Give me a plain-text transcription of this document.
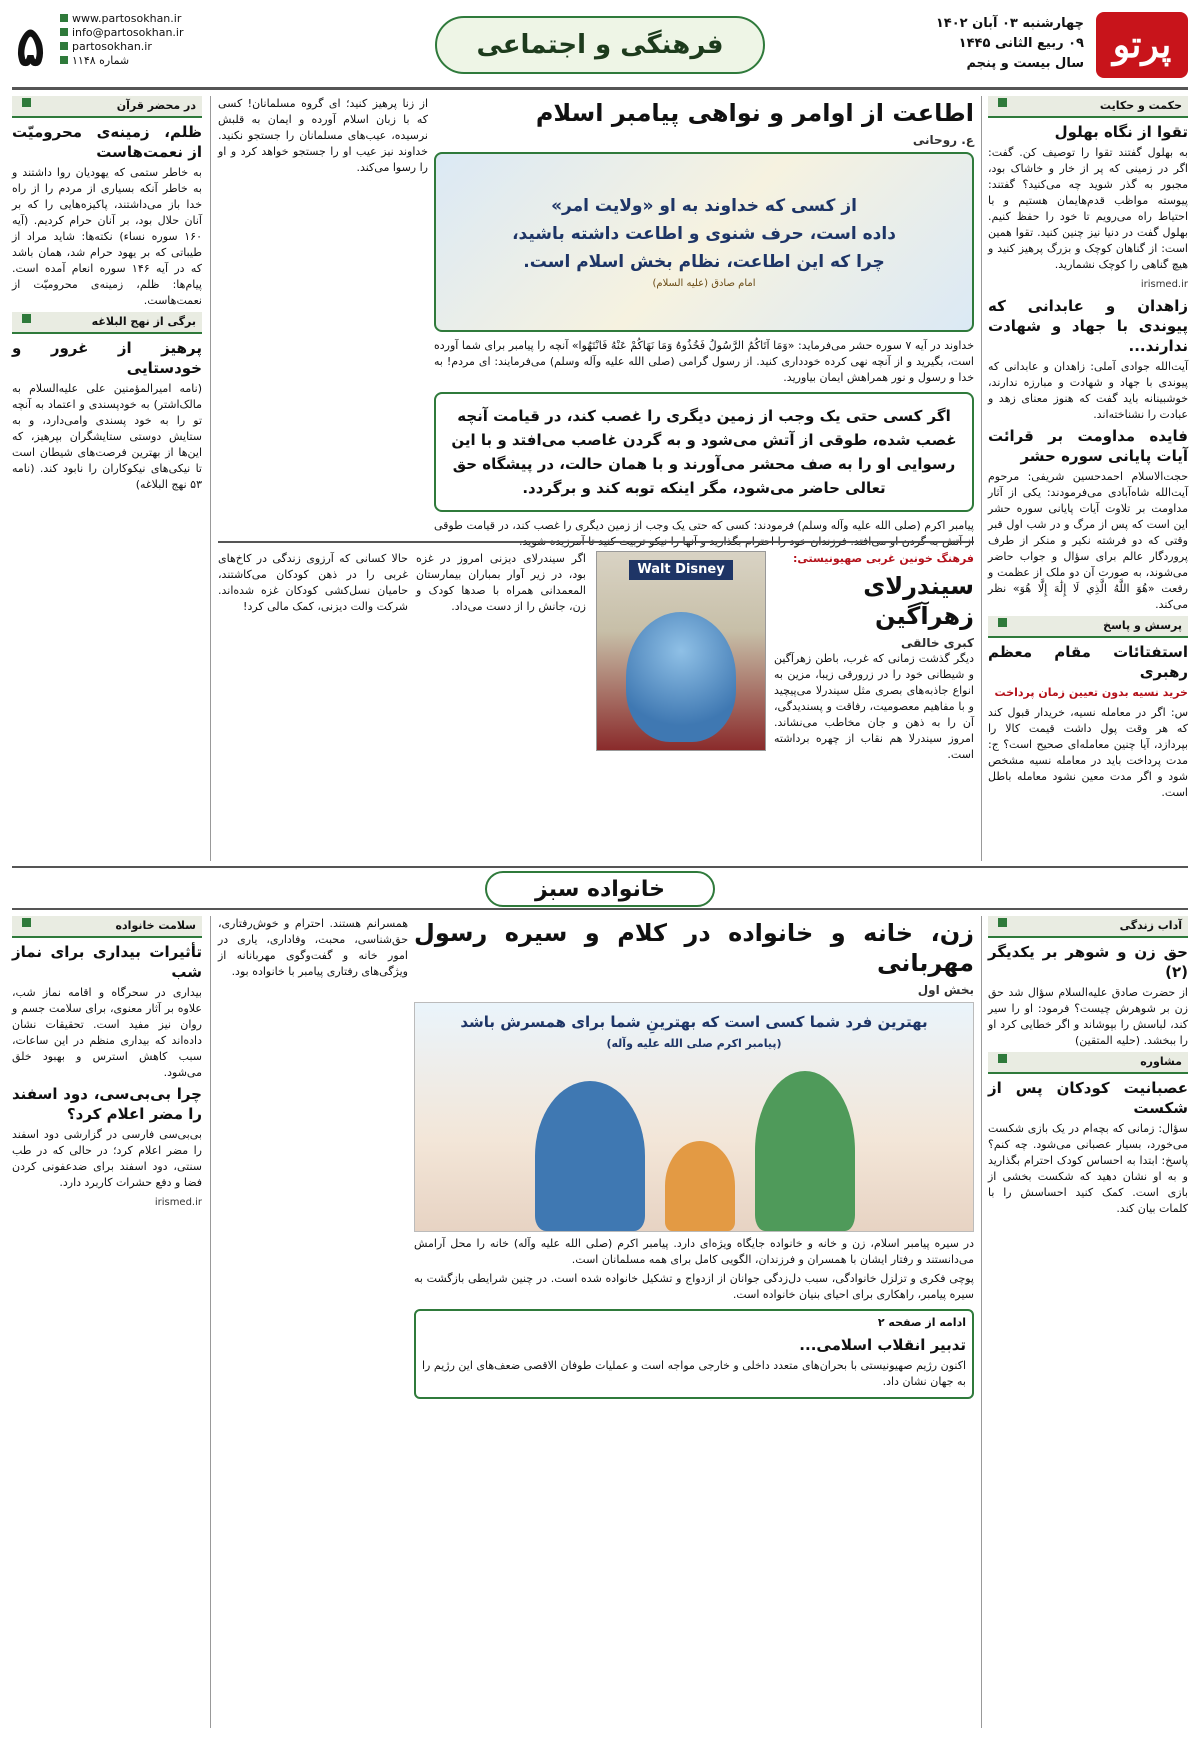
پرتو
چهارشنبه ۰۳ آبان ۱۴۰۲
۰۹ ربیع الثانی ۱۴۴۵
سال بیست و پنجم
فرهنگی و اجتماعی
www.partosokhan.ir
info@partosokhan.ir
partosokhan.ir
شماره ۱۱۴۸
۵
حکمت و حکایت
تقوا از نگاه بهلول

به بهلول گفتند تقوا را توصیف کن. گفت: اگر در زمینی که پر از خار و خاشاک بود، مجبور به گذر شوید چه می‌کنید؟ گفتند: پیوسته مواظب قدم‌هایمان هستیم و با احتیاط راه می‌رویم تا خود را حفظ کنیم. بهلول گفت در دنیا نیز چنین کنید. تقوا همین است: از گناهان کوچک و بزرگ پرهیز کنید و هیچ گناهی را کوچک نشمارید.

irismed.ir
زاهدان و عابدانی که پیوندی با جهاد و شهادت ندارند...

آیت‌الله جوادی آملی: زاهدان و عابدانی که پیوندی با جهاد و شهادت و مبارزه ندارند، خوشبینانه باید گفت که هنوز معنای زهد و عبادت را نشناخته‌اند.

فایده مداومت بر قرائت آیات پایانی سوره حشر

حجت‌الاسلام احمدحسین شریفی: مرحوم آیت‌الله شاه‌آبادی می‌فرمودند: یکی از آثار مداومت بر تلاوت آیات پایانی سوره حشر این است که پس از مرگ و در شب اول قبر وقتی که دو فرشته نکیر و منکر از طرف پروردگار عالم برای سؤال و جواب حاضر می‌شوند، به صورت آن دو ملک از عظمت و رفعت «هُوَ اللَّهُ الَّذِي لَا إِلَٰهَ إِلَّا هُوَ» نظر می‌کند.

پرسش و پاسخ
استفتائات مقام معظم رهبری
خرید نسیه بدون تعیین زمان پرداخت

س: اگر در معامله نسیه، خریدار قبول کند که هر وقت پول داشت قیمت کالا را بپردازد، آیا چنین معامله‌ای صحیح است؟ ج: مدت پرداخت باید در معامله نسیه مشخص شود و اگر مدت معین نشود معامله باطل است.

اطاعت از اوامر و نواهی پیامبر اسلام
ع. روحانی
از کسی که خداوند به او «ولایت امر»
داده است، حرف شنوی و اطاعت داشته باشید،
چرا که این اطاعت، نظام بخش اسلام است.
امام صادق (علیه السلام)

خداوند در آیه ۷ سوره حشر می‌فرماید: «وَمَا آتَاكُمُ الرَّسُولُ فَخُذُوهُ وَمَا نَهَاكُمْ عَنْهُ فَانْتَهُوا» آنچه را پیامبر برای شما آورده است، بگیرید و از آنچه نهی کرده خودداری کنید. از رسول گرامی (صلی الله علیه وآله وسلم) می‌فرمایند: ای مردم! به خدا و رسول و نور همراهش ایمان بیاورید.

اگر کسی حتی یک وجب از زمین دیگری را غصب کند، در قیامت آنچه غصب شده، طوقی از آتش می‌شود و به گردن غاصب می‌افتد و با این رسوایی او را به صف محشر می‌آورند و با همان حالت، در پیشگاه حق تعالی حاضر می‌شود، مگر اینکه توبه کند و برگردد.

پیامبر اکرم (صلی الله علیه وآله وسلم) فرمودند: کسی که حتی یک وجب از زمین دیگری را غصب کند، در قیامت طوقی از آتش به گردن او می‌افتد. فرزندان خود را احترام بگذارید و آنها را نیکو تربیت کنید تا آمرزیده شوید.

از زنا پرهیز کنید؛ ای گروه مسلمانان! کسی که با زبان اسلام آورده و ایمان به قلبش نرسیده، عیب‌های مسلمانان را جستجو نکنید. خداوند نیز عیب او را جستجو خواهد کرد و او را رسوا می‌کند.

در محضر قرآن
ظلم، زمینه‌ی محرومیّت از نعمت‌هاست

به خاطر ستمی که یهودیان روا داشتند و به خاطر آنکه بسیاری از مردم را از راه خدا باز می‌داشتند، پاکیزه‌هایی را که بر آنان حلال بود، بر آنان حرام کردیم. (آیه ۱۶۰ سوره نساء) نکته‌ها: شاید مراد از طیباتی که بر یهود حرام شد، همان باشد که در آیه ۱۴۶ سوره انعام آمده است. پیام‌ها: ظلم، زمینه‌ی محرومیّت از نعمت‌هاست.

برگی از نهج البلاغه
پرهیز از غرور و خودستایی

(نامه امیرالمؤمنین علی علیه‌السلام به مالک‌اشتر) به خودپسندی و اعتماد به آنچه تو را به خود پسندی وامی‌دارد، و به ستایش دوستی ستایشگران بپرهیز، که این‌ها از بهترین فرصت‌های شیطان است تا نیکی‌های نیکوکاران را نابود کند. (نامه ۵۳ نهج البلاغه)

فرهنگ خونین غربی صهیونیستی:
سیندرلای زهرآگین
کبری خالقی

دیگر گذشت زمانی که غرب، باطن زهرآگین و شیطانی خود را در زرورقی زیبا، مزین به انواع جاذبه‌های بصری مثل سیندرلا می‌پیچید و با مفاهیم معصومیت، رفاقت و پسندیدگی، آن را به ذهن و جان مخاطب می‌نشاند. امروز سیندرلا هم نقاب از چهره برداشته است.

Walt Disney

اگر سیندرلای دیزنی امروز در غزه بود، در زیر آوار بمباران بیمارستان المعمدانی همراه با صدها کودک و زن، جانش را از دست می‌داد.

حالا کسانی که آرزوی زندگی در کاخ‌های غربی را در ذهن کودکان می‌کاشتند، حامیان نسل‌کشی کودکان غزه شده‌اند. شرکت والت دیزنی، کمک مالی کرد!

خانواده سبز
آداب زندگی
حق زن و شوهر بر یکدیگر (۲)

از حضرت صادق علیه‌السلام سؤال شد حق زن بر شوهرش چیست؟ فرمود: او را سیر کند، لباسش را بپوشاند و اگر خطایی کرد او را ببخشد. (حلیه المتقین)

مشاوره
عصبانیت کودکان پس از شکست

سؤال: زمانی که بچه‌ام در یک بازی شکست می‌خورد، بسیار عصبانی می‌شود. چه کنم؟ پاسخ: ابتدا به احساس کودک احترام بگذارید و به او نشان دهید که شکست بخشی از بازی است. کمک کنید احساسش را با کلمات بیان کند.

زن، خانه و خانواده در کلام و سیره رسول مهربانی
بخش اول
بهترین فرد شما کسی است که بهترینِ شما برای همسرش باشد
(پیامبر اکرم صلی الله علیه وآله)

در سیره پیامبر اسلام، زن و خانه و خانواده جایگاه ویژه‌ای دارد. پیامبر اکرم (صلی الله علیه وآله) خانه را محل آرامش می‌دانستند و رفتار ایشان با همسران و فرزندان، الگویی کامل برای همه مسلمانان است.

پوچی فکری و تزلزل خانوادگی، سبب دل‌زدگی جوانان از ازدواج و تشکیل خانواده شده است. در چنین شرایطی بازگشت به سیره پیامبر، راهکاری برای احیای بنیان خانواده است.

ادامه از صفحه ۲
تدبیر انقلاب اسلامی...

اکنون رژیم صهیونیستی با بحران‌های متعدد داخلی و خارجی مواجه است و عملیات طوفان الاقصی ضعف‌های این رژیم را به جهان نشان داد.

همسرانم هستند. احترام و خوش‌رفتاری، حق‌شناسی، محبت، وفاداری، یاری در امور خانه و گفت‌وگوی مهربانانه از ویژگی‌های رفتاری پیامبر با خانواده بود.

سلامت خانواده
تأثیرات بیداری برای نماز شب

بیداری در سحرگاه و اقامه نماز شب، علاوه بر آثار معنوی، برای سلامت جسم و روان نیز مفید است. تحقیقات نشان داده‌اند که بیداری منظم در این ساعات، سبب کاهش استرس و بهبود خلق می‌شود.

چرا بی‌بی‌سی، دود اسفند را مضر اعلام کرد؟

بی‌بی‌سی فارسی در گزارشی دود اسفند را مضر اعلام کرد؛ در حالی که در طب سنتی، دود اسفند برای ضدعفونی کردن فضا و دفع حشرات کاربرد دارد.

irismed.ir
